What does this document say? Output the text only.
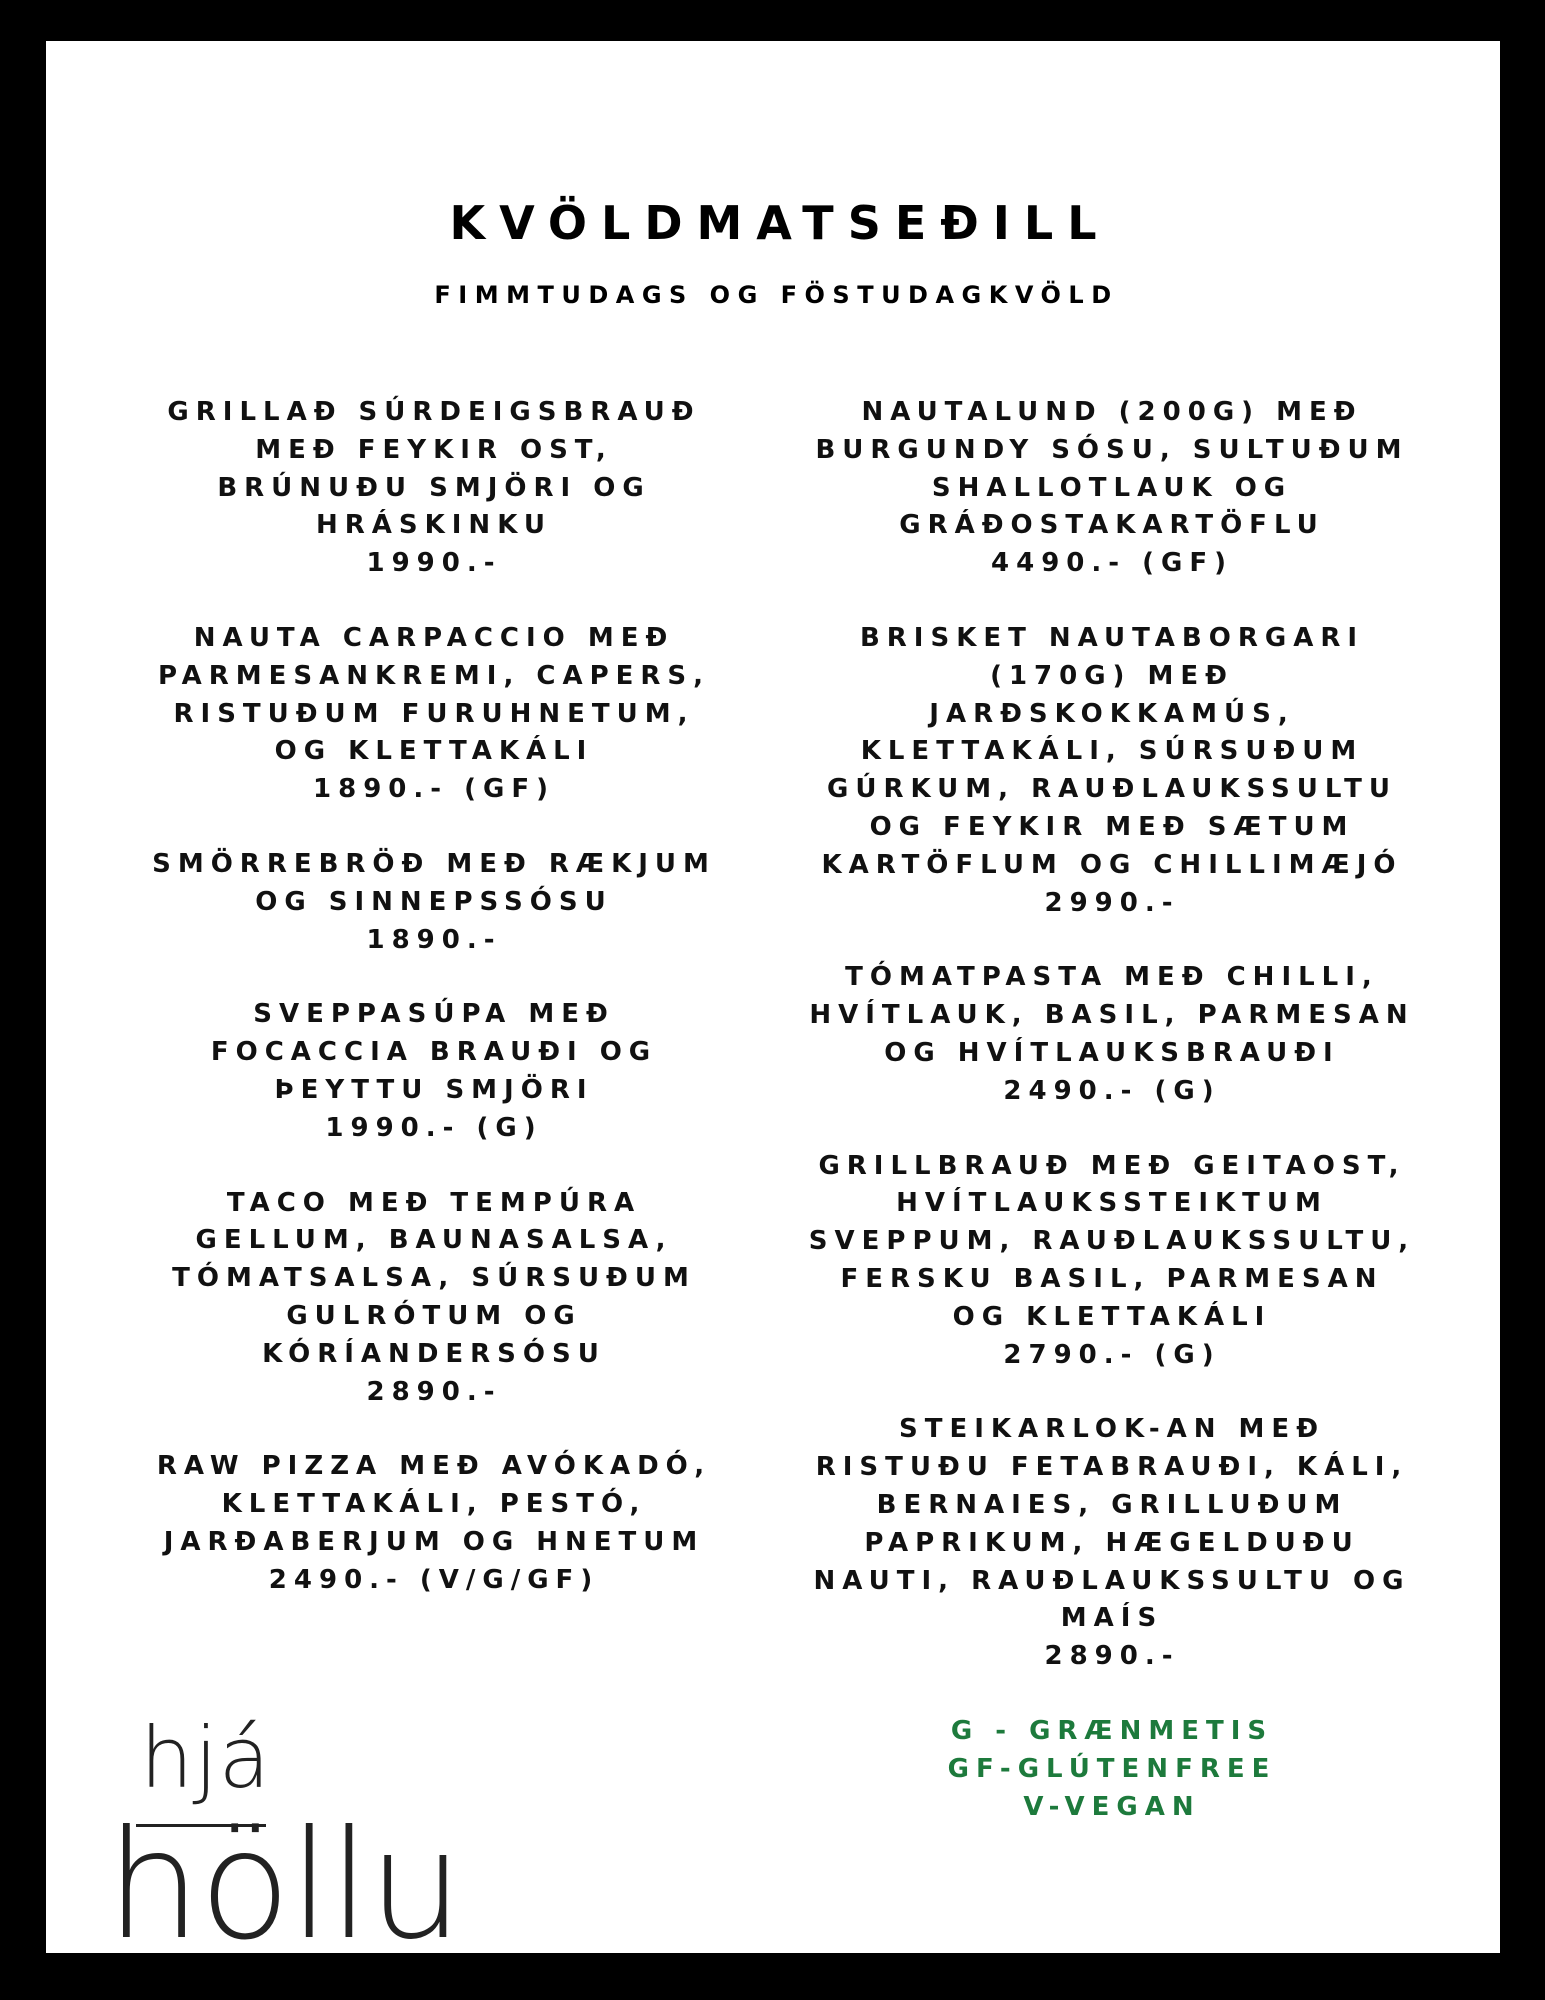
KVÖLDMATSEÐILL
FIMMTUDAGS OG FÖSTUDAGKVÖLD
GRILLAÐ SÚRDEIGSBRAUÐ
MEÐ FEYKIR OST,
BRÚNUÐU SMJÖRI OG
HRÁSKINKU
1990.-
NAUTA CARPACCIO MEÐ
PARMESANKREMI, CAPERS,
RISTUÐUM FURUHNETUM,
OG KLETTAKÁLI
1890.- (GF)
SMÖRREBRÖÐ MEÐ RÆKJUM
OG SINNEPSSÓSU
1890.-
SVEPPASÚPA MEÐ
FOCACCIA BRAUÐI OG
ÞEYTTU SMJÖRI
1990.- (G)
TACO MEÐ TEMPÚRA
GELLUM, BAUNASALSA,
TÓMATSALSA, SÚRSUÐUM
GULRÓTUM OG
KÓRÍANDERSÓSU
2890.-
RAW PIZZA MEÐ AVÓKADÓ,
KLETTAKÁLI, PESTÓ,
JARÐABERJUM OG HNETUM
2490.- (V/G/GF)
NAUTALUND (200G) MEÐ
BURGUNDY SÓSU, SULTUÐUM
SHALLOTLAUK OG
GRÁÐOSTAKARTÖFLU
4490.- (GF)
BRISKET NAUTABORGARI
(170G) MEÐ
JARÐSKOKKAMÚS,
KLETTAKÁLI, SÚRSUÐUM
GÚRKUM, RAUÐLAUKSSULTU
OG FEYKIR MEÐ SÆTUM
KARTÖFLUM OG CHILLIMÆJÓ
2990.-
TÓMATPASTA MEÐ CHILLI,
HVÍTLAUK, BASIL, PARMESAN
OG HVÍTLAUKSBRAUÐI
2490.- (G)
GRILLBRAUÐ MEÐ GEITAOST,
HVÍTLAUKSSTEIKTUM
SVEPPUM, RAUÐLAUKSSULTU,
FERSKU BASIL, PARMESAN
OG KLETTAKÁLI
2790.- (G)
STEIKARLOK-AN MEÐ
RISTUÐU FETABRAUÐI, KÁLI,
BERNAIES, GRILLUÐUM
PAPRIKUM, HÆGELDUÐU
NAUTI, RAUÐLAUKSSULTU OG
MAÍS
2890.-
G - GRÆNMETIS
GF-GLÚTENFREE
V-VEGAN
hjá
höllu
